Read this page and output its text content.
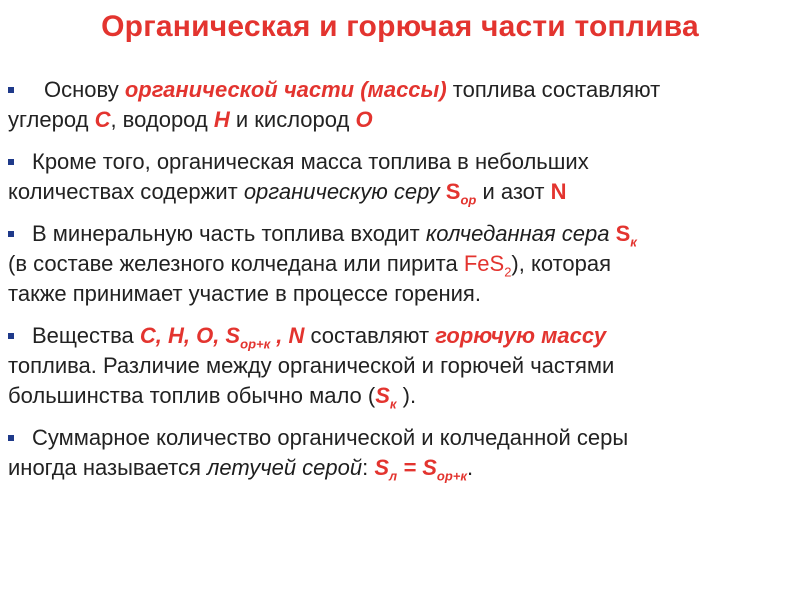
Органическая и горючая части топлива
Основу органической части (массы) топлива составляют
углерод С, водород Н и кислород О
Кроме того, органическая масса топлива в небольших
количествах содержит органическую серу $S_{ор}$ и азот N
В минеральную часть топлива входит колчеданная сера $S_к$
(в составе железного колчедана или пирита FeS$_2$), которая
также принимает участие в процессе горения.
Вещества С, Н, О, $S_{ор+к}$ , N составляют горючую массу
топлива. Различие между органической и горючей частями
большинства топлив обычно мало ($S_к$ ).
Суммарное количество органической и колчеданной серы
иногда называется летучей серой: $S_л = S_{ор+к}$.
